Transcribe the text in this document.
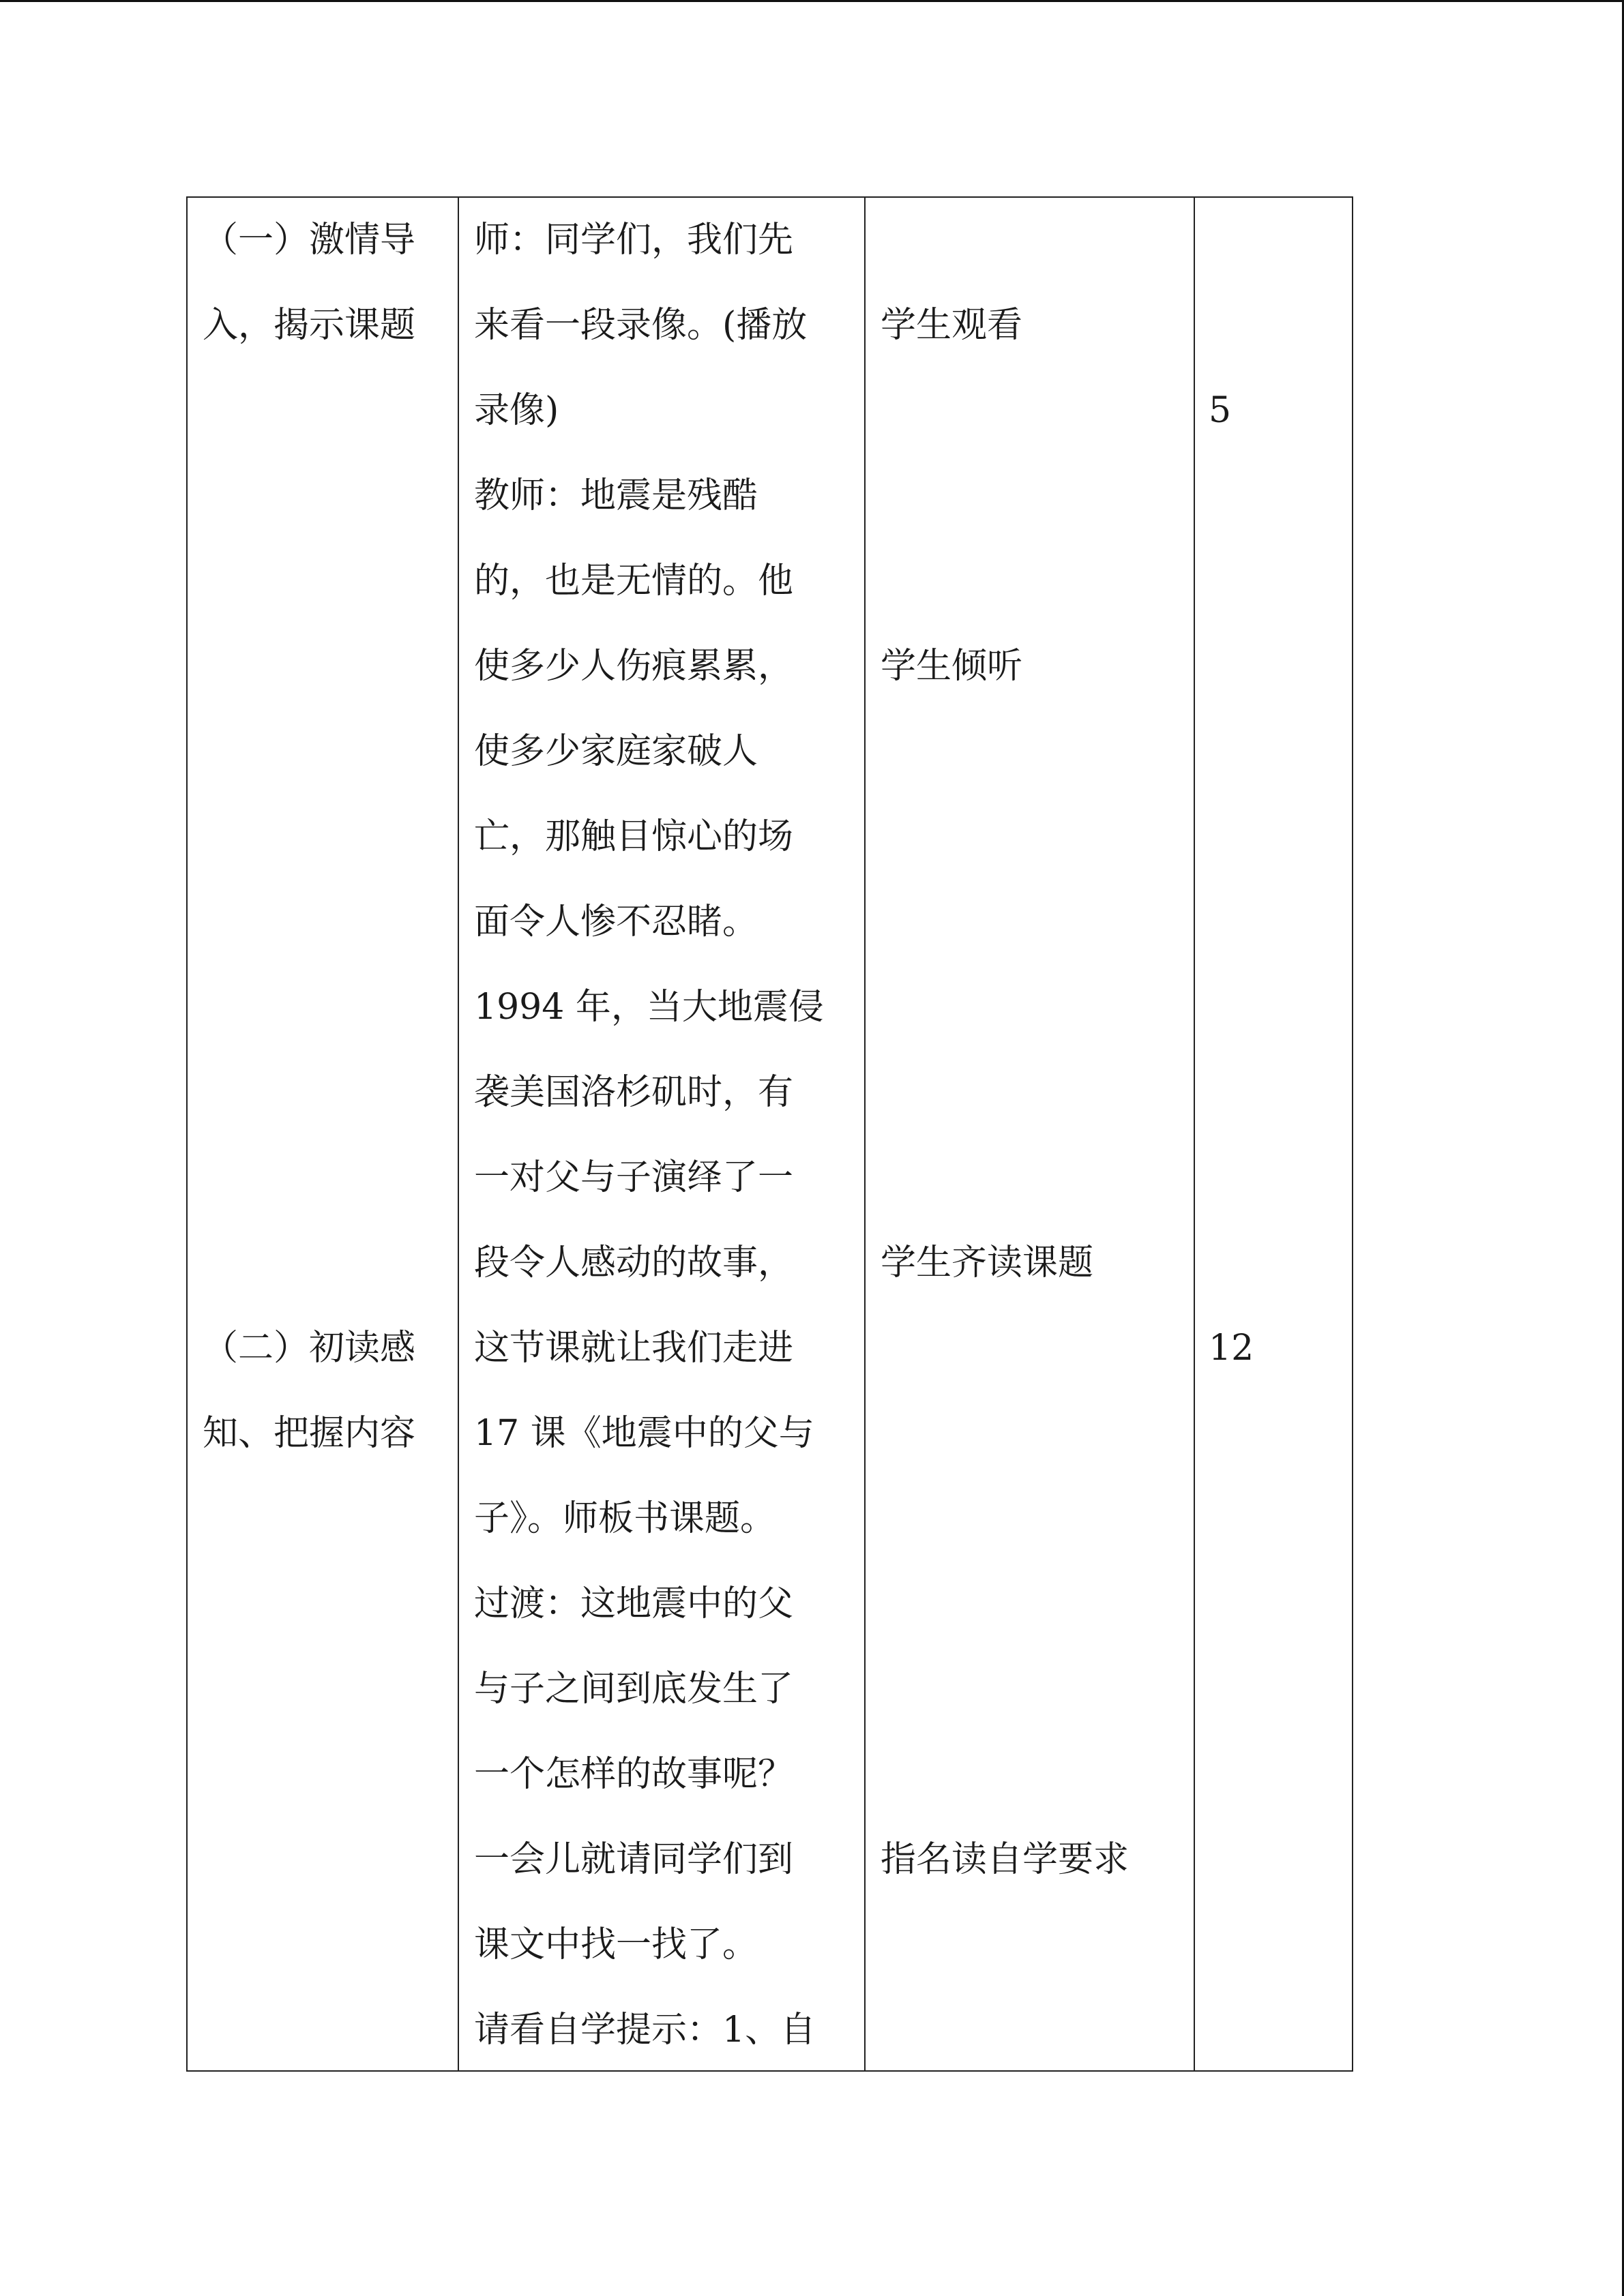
（一）激情导
入，揭示课题
（二）初读感
知、把握内容
师：同学们，我们先
来看一段录像。(播放
录像)
教师：地震是残酷
的，也是无情的。他
使多少人伤痕累累，
使多少家庭家破人
亡，那触目惊心的场
面令人惨不忍睹。
1994 年，当大地震侵
袭美国洛杉矶时，有
一对父与子演绎了一
段令人感动的故事，
这节课就让我们走进
17 课《地震中的父与
子》。师板书课题。
过渡：这地震中的父
与子之间到底发生了
一个怎样的故事呢？
一会儿就请同学们到
课文中找一找了。
请看自学提示：1、自
学生观看
学生倾听
学生齐读课题
指名读自学要求
5
12
